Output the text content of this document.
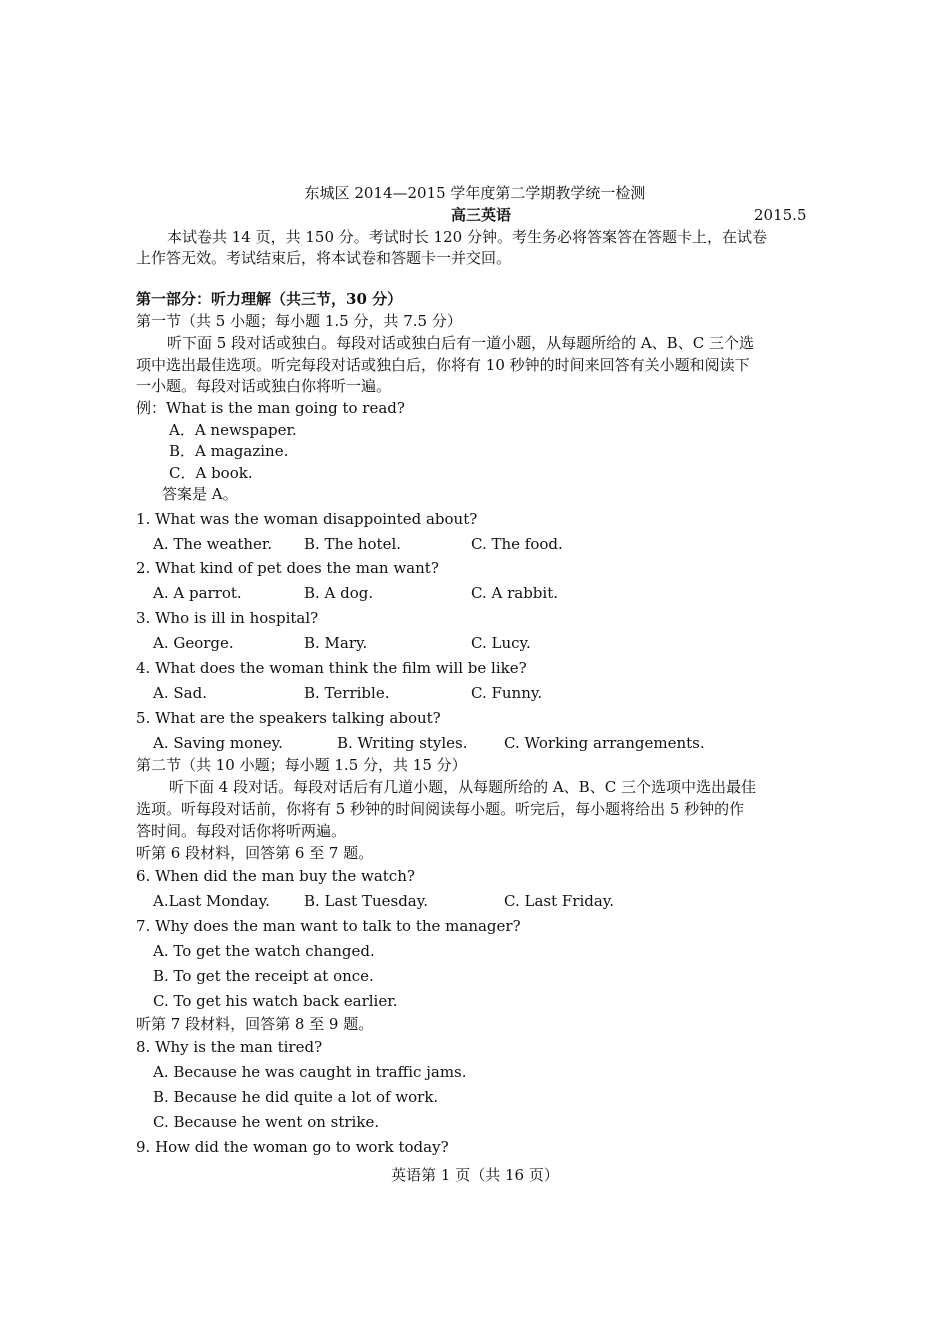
东城区 2014—2015 学年度第二学期教学统一检测
高三英语	2015.5
本试卷共 14 页，共 150 分。考试时长 120 分钟。考生务必将答案答在答题卡上，在试卷
上作答无效。考试结束后，将本试卷和答题卡一并交回。
第一部分：听力理解（共三节，30 分）
第一节（共 5 小题；每小题 1.5 分，共 7.5 分）
听下面 5 段对话或独白。每段对话或独白后有一道小题，从每题所给的 A、B、C 三个选
项中选出最佳选项。听完每段对话或独白后，你将有 10 秒钟的时间来回答有关小题和阅读下
一小题。每段对话或独白你将听一遍。
例：What is the man going to read?
A．A newspaper.
B．A magazine.
C．A book.
答案是 A。
1. What was the woman disappointed about?
A. The weather. B. The hotel.	C. The food.
2. What kind of pet does the man want?
A. A parrot.	B. A dog.	C. A rabbit.
3. Who is ill in hospital?
A. George.	B. Mary.	C. Lucy.
4. What does the woman think the film will be like?
A. Sad.	B. Terrible.	C. Funny.
5. What are the speakers talking about?
A. Saving money.	B. Writing styles. C. Working arrangements.
第二节（共 10 小题；每小题 1.5 分，共 15 分）
听下面 4 段对话。每段对话后有几道小题，从每题所给的 A、B、C 三个选项中选出最佳
选项。听每段对话前，你将有 5 秒钟的时间阅读每小题。听完后，每小题将给出 5 秒钟的作
答时间。每段对话你将听两遍。
听第 6 段材料，回答第 6 至 7 题。
6. When did the man buy the watch?
A.Last Monday. B. Last Tuesday.	C. Last Friday.
7. Why does the man want to talk to the manager?
A. To get the watch changed.
B. To get the receipt at once.
C. To get his watch back earlier.
听第 7 段材料，回答第 8 至 9 题。
8. Why is the man tired?
A. Because he was caught in traffic jams.
B. Because he did quite a lot of work.
C. Because he went on strike.
9. How did the woman go to work today?
英语第 1 页（共 16 页）
